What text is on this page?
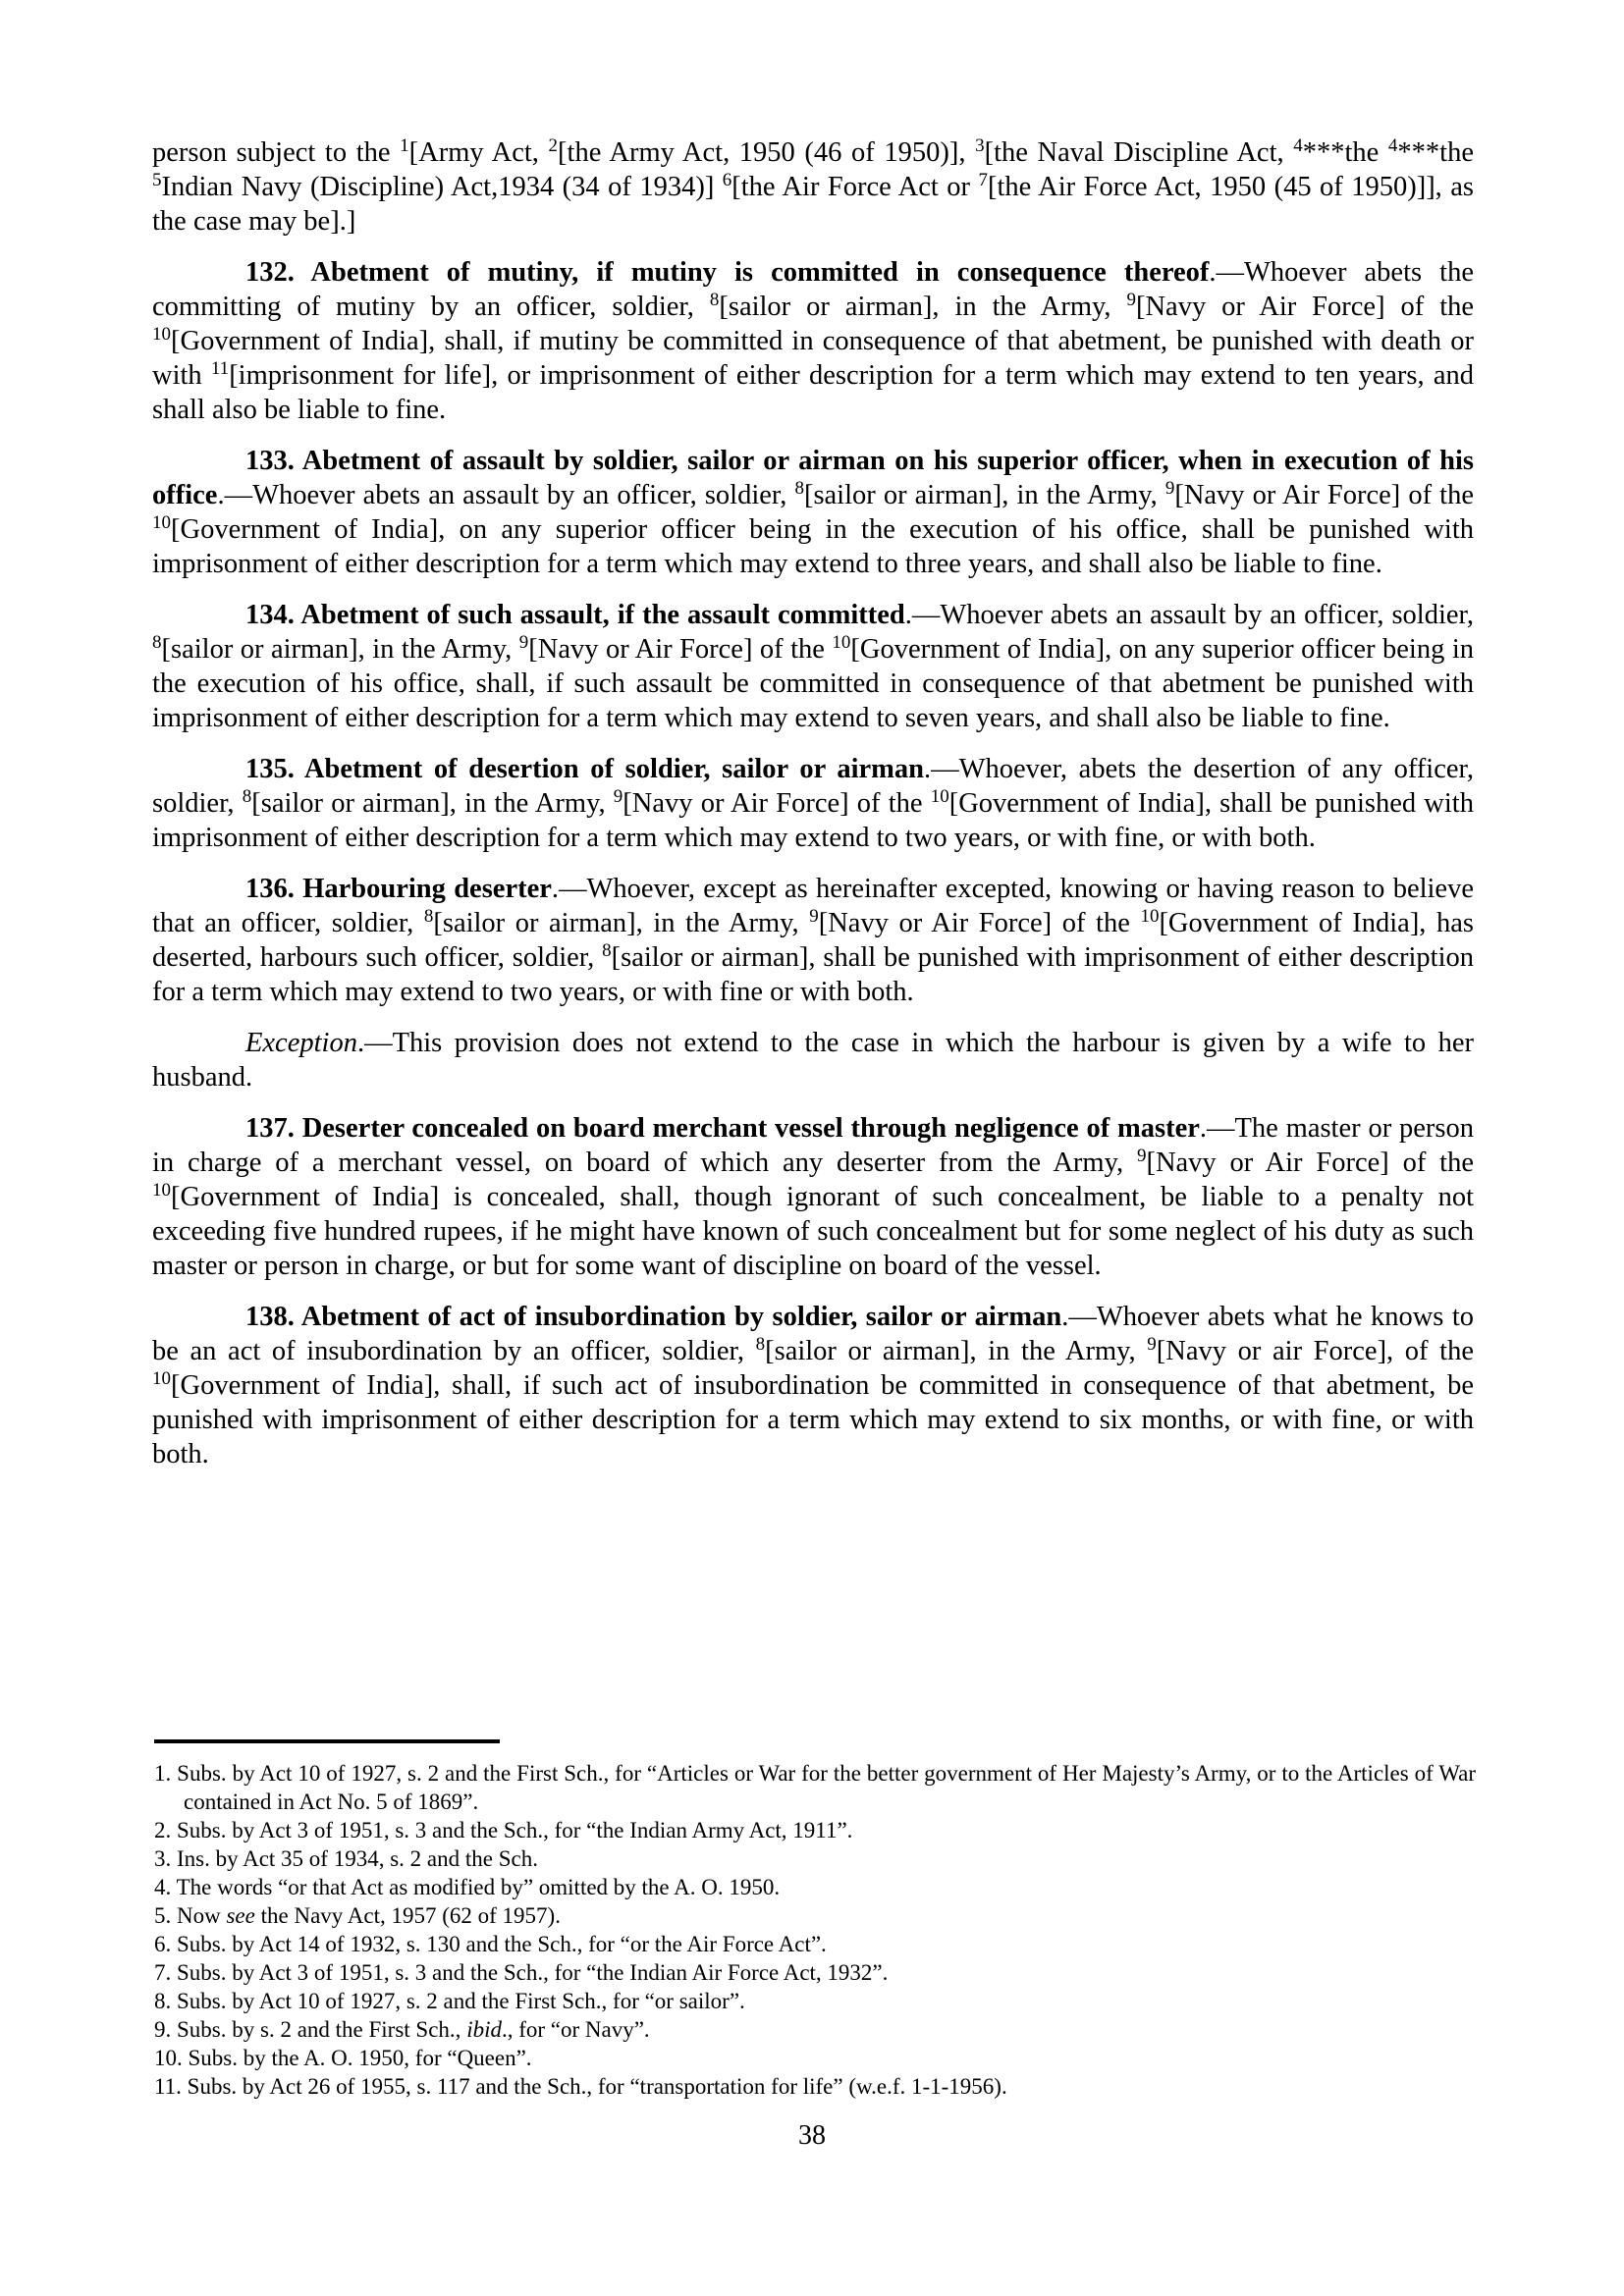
person subject to the $^1$[Army Act, $^2$[the Army Act, 1950 (46 of 1950)], $^3$[the Naval Discipline Act, $^4$***the $^4$***the $^5$Indian Navy (Discipline) Act,1934 (34 of 1934)] $^6$[the Air Force Act or $^7$[the Air Force Act, 1950 (45 of 1950)]], as the case may be].]

132. Abetment of mutiny, if mutiny is committed in consequence thereof.—Whoever abets the committing of mutiny by an officer, soldier, $^8$[sailor or airman], in the Army, $^9$[Navy or Air Force] of the $^{10}$[Government of India], shall, if mutiny be committed in consequence of that abetment, be punished with death or with $^{11}$[imprisonment for life], or imprisonment of either description for a term which may extend to ten years, and shall also be liable to fine.

133. Abetment of assault by soldier, sailor or airman on his superior officer, when in execution of his office.—Whoever abets an assault by an officer, soldier, $^8$[sailor or airman], in the Army, $^9$[Navy or Air Force] of the $^{10}$[Government of India], on any superior officer being in the execution of his office, shall be punished with imprisonment of either description for a term which may extend to three years, and shall also be liable to fine.

134. Abetment of such assault, if the assault committed.—Whoever abets an assault by an officer, soldier, $^8$[sailor or airman], in the Army, $^9$[Navy or Air Force] of the $^{10}$[Government of India], on any superior officer being in the execution of his office, shall, if such assault be committed in consequence of that abetment be punished with imprisonment of either description for a term which may extend to seven years, and shall also be liable to fine.

135. Abetment of desertion of soldier, sailor or airman.—Whoever, abets the desertion of any officer, soldier, $^8$[sailor or airman], in the Army, $^9$[Navy or Air Force] of the $^{10}$[Government of India], shall be punished with imprisonment of either description for a term which may extend to two years, or with fine, or with both.

136. Harbouring deserter.—Whoever, except as hereinafter excepted, knowing or having reason to believe that an officer, soldier, $^8$[sailor or airman], in the Army, $^9$[Navy or Air Force] of the $^{10}$[Government of India], has deserted, harbours such officer, soldier, $^8$[sailor or airman], shall be punished with imprisonment of either description for a term which may extend to two years, or with fine or with both.

Exception.—This provision does not extend to the case in which the harbour is given by a wife to her husband.

137. Deserter concealed on board merchant vessel through negligence of master.—The master or person in charge of a merchant vessel, on board of which any deserter from the Army, $^9$[Navy or Air Force] of the $^{10}$[Government of India] is concealed, shall, though ignorant of such concealment, be liable to a penalty not exceeding five hundred rupees, if he might have known of such concealment but for some neglect of his duty as such master or person in charge, or but for some want of discipline on board of the vessel.

138. Abetment of act of insubordination by soldier, sailor or airman.—Whoever abets what he knows to be an act of insubordination by an officer, soldier, $^8$[sailor or airman], in the Army, $^9$[Navy or air Force], of the $^{10}$[Government of India], shall, if such act of insubordination be committed in consequence of that abetment, be punished with imprisonment of either description for a term which may extend to six months, or with fine, or with both.

1. Subs. by Act 10 of 1927, s. 2 and the First Sch., for “Articles or War for the better government of Her Majesty’s Army, or to the Articles of War contained in Act No. 5 of 1869”.
2. Subs. by Act 3 of 1951, s. 3 and the Sch., for “the Indian Army Act, 1911”.
3. Ins. by Act 35 of 1934, s. 2 and the Sch.
4. The words “or that Act as modified by” omitted by the A. O. 1950.
5. Now see the Navy Act, 1957 (62 of 1957).
6. Subs. by Act 14 of 1932, s. 130 and the Sch., for “or the Air Force Act”.
7. Subs. by Act 3 of 1951, s. 3 and the Sch., for “the Indian Air Force Act, 1932”.
8. Subs. by Act 10 of 1927, s. 2 and the First Sch., for “or sailor”.
9. Subs. by s. 2 and the First Sch., ibid., for “or Navy”.
10. Subs. by the A. O. 1950, for “Queen”.
11. Subs. by Act 26 of 1955, s. 117 and the Sch., for “transportation for life” (w.e.f. 1-1-1956).
38
